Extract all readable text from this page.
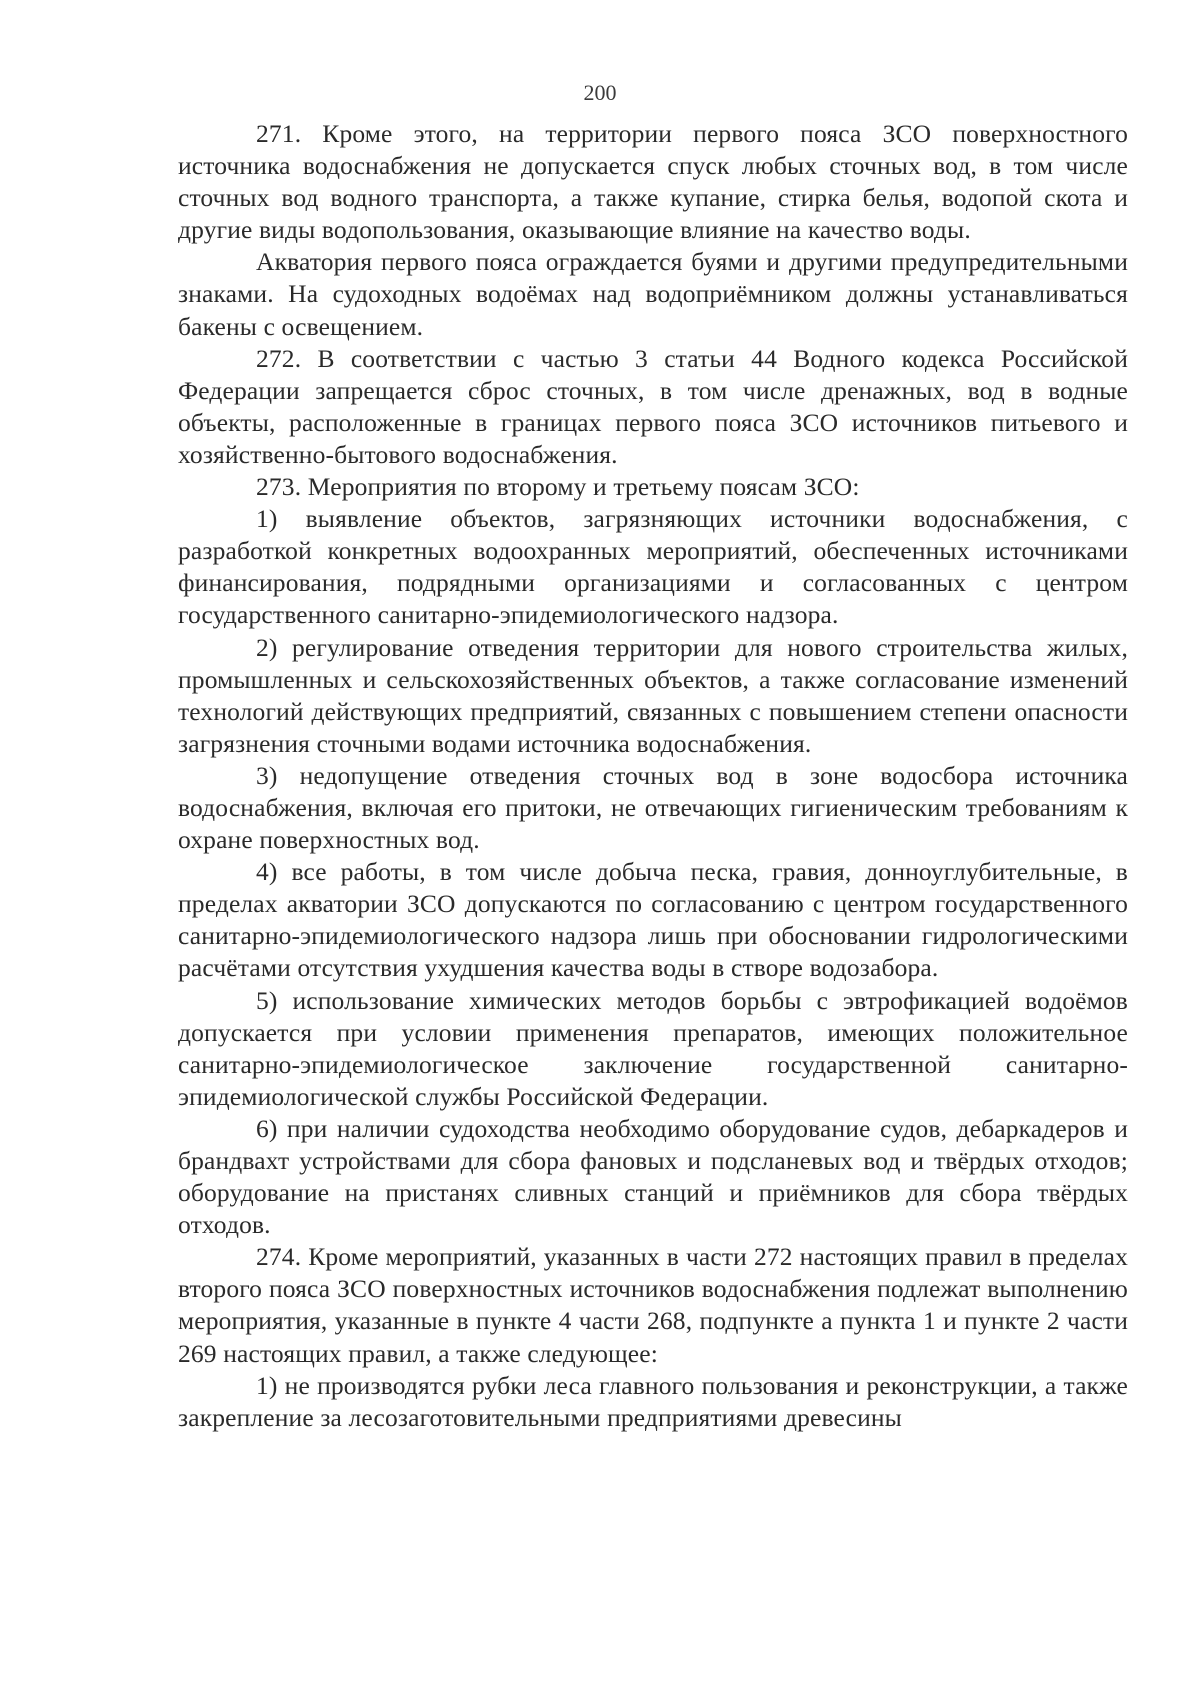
200

271. Кроме этого, на территории первого пояса ЗСО поверхностного источника водоснабжения не допускается спуск любых сточных вод, в том числе сточных вод водного транспорта, а также купание, стирка белья, водопой скота и другие виды водопользования, оказывающие влияние на качество воды.

Акватория первого пояса ограждается буями и другими предупредительными знаками. На судоходных водоёмах над водоприёмником должны устанавливаться бакены с освещением.

272. В соответствии с частью 3 статьи 44 Водного кодекса Российской Федерации запрещается сброс сточных, в том числе дренажных, вод в водные объекты, расположенные в границах первого пояса ЗСО источников питьевого и хозяйственно-бытового водоснабжения.

273. Мероприятия по второму и третьему поясам ЗСО:

1) выявление объектов, загрязняющих источники водоснабжения, с разработкой конкретных водоохранных мероприятий, обеспеченных источниками финансирования, подрядными организациями и согласованных с центром государственного санитарно-эпидемиологического надзора.

2) регулирование отведения территории для нового строительства жилых, промышленных и сельскохозяйственных объектов, а также согласование изменений технологий действующих предприятий, связанных с повышением степени опасности загрязнения сточными водами источника водоснабжения.

3) недопущение отведения сточных вод в зоне водосбора источника водоснабжения, включая его притоки, не отвечающих гигиеническим требованиям к охране поверхностных вод.

4) все работы, в том числе добыча песка, гравия, донноуглубительные, в пределах акватории ЗСО допускаются по согласованию с центром государственного санитарно-эпидемиологического надзора лишь при обосновании гидрологическими расчётами отсутствия ухудшения качества воды в створе водозабора.

5) использование химических методов борьбы с эвтрофикацией водоёмов допускается при условии применения препаратов, имеющих положительное санитарно-эпидемиологическое заключение государственной санитарно-эпидемиологической службы Российской Федерации.

6) при наличии судоходства необходимо оборудование судов, дебаркадеров и брандвахт устройствами для сбора фановых и подсланевых вод и твёрдых отходов; оборудование на пристанях сливных станций и приёмников для сбора твёрдых отходов.

274. Кроме мероприятий, указанных в части 272 настоящих правил в пределах второго пояса ЗСО поверхностных источников водоснабжения подлежат выполнению мероприятия, указанные в пункте 4 части 268, подпункте а пункта 1 и пункте 2 части 269 настоящих правил, а также следующее:

1) не производятся рубки леса главного пользования и реконструкции, а также закрепление за лесозаготовительными предприятиями древесины
